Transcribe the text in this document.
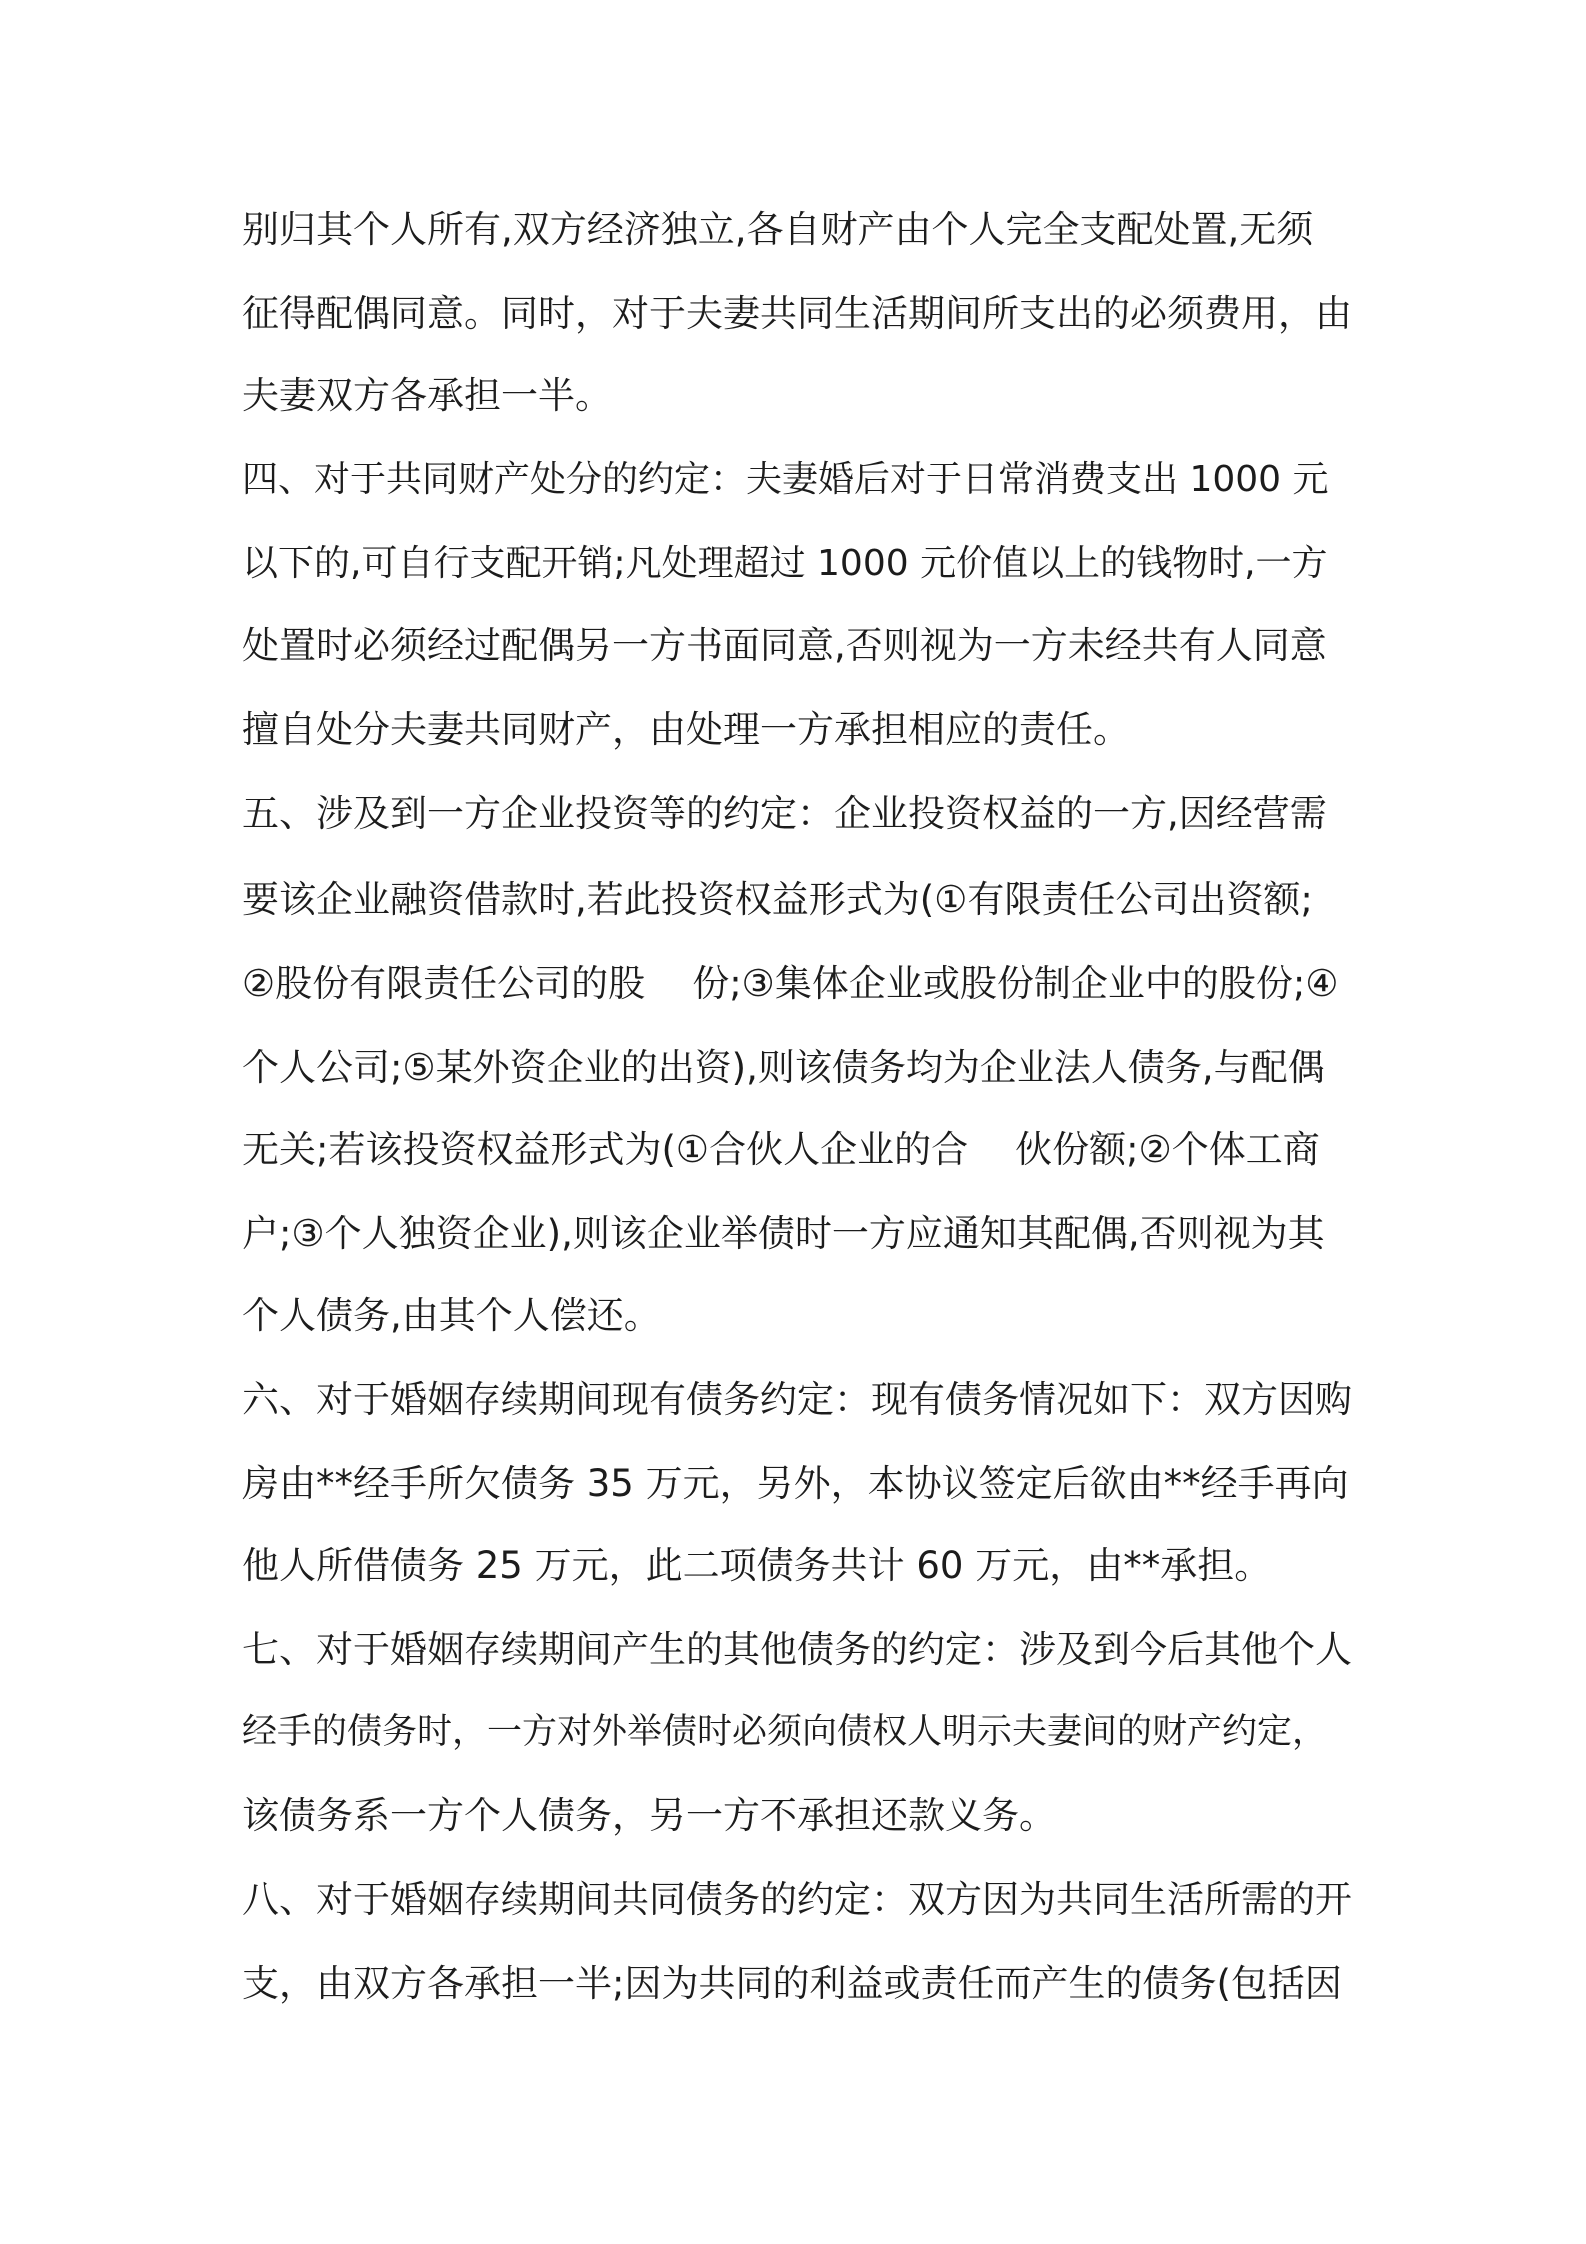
别归其个人所有,双方经济独立,各自财产由个人完全支配处置,无须
征得配偶同意。同时，对于夫妻共同生活期间所支出的必须费用，由
夫妻双方各承担一半。
四、对于共同财产处分的约定：夫妻婚后对于日常消费支出 1000 元
以下的,可自行支配开销;凡处理超过 1000 元价值以上的钱物时,一方
处置时必须经过配偶另一方书面同意,否则视为一方未经共有人同意
擅自处分夫妻共同财产，由处理一方承担相应的责任。
五、涉及到一方企业投资等的约定：企业投资权益的一方,因经营需
要该企业融资借款时,若此投资权益形式为(①有限责任公司出资额;
②股份有限责任公司的股    份;③集体企业或股份制企业中的股份;④
个人公司;⑤某外资企业的出资),则该债务均为企业法人债务,与配偶
无关;若该投资权益形式为(①合伙人企业的合    伙份额;②个体工商
户;③个人独资企业),则该企业举债时一方应通知其配偶,否则视为其
个人债务,由其个人偿还。
六、对于婚姻存续期间现有债务约定：现有债务情况如下：双方因购
房由**经手所欠债务 35 万元，另外，本协议签定后欲由**经手再向
他人所借债务 25 万元，此二项债务共计 60 万元，由**承担。
七、对于婚姻存续期间产生的其他债务的约定：涉及到今后其他个人
经手的债务时，一方对外举债时必须向债权人明示夫妻间的财产约定，
该债务系一方个人债务，另一方不承担还款义务。
八、对于婚姻存续期间共同债务的约定：双方因为共同生活所需的开
支，由双方各承担一半;因为共同的利益或责任而产生的债务(包括因
